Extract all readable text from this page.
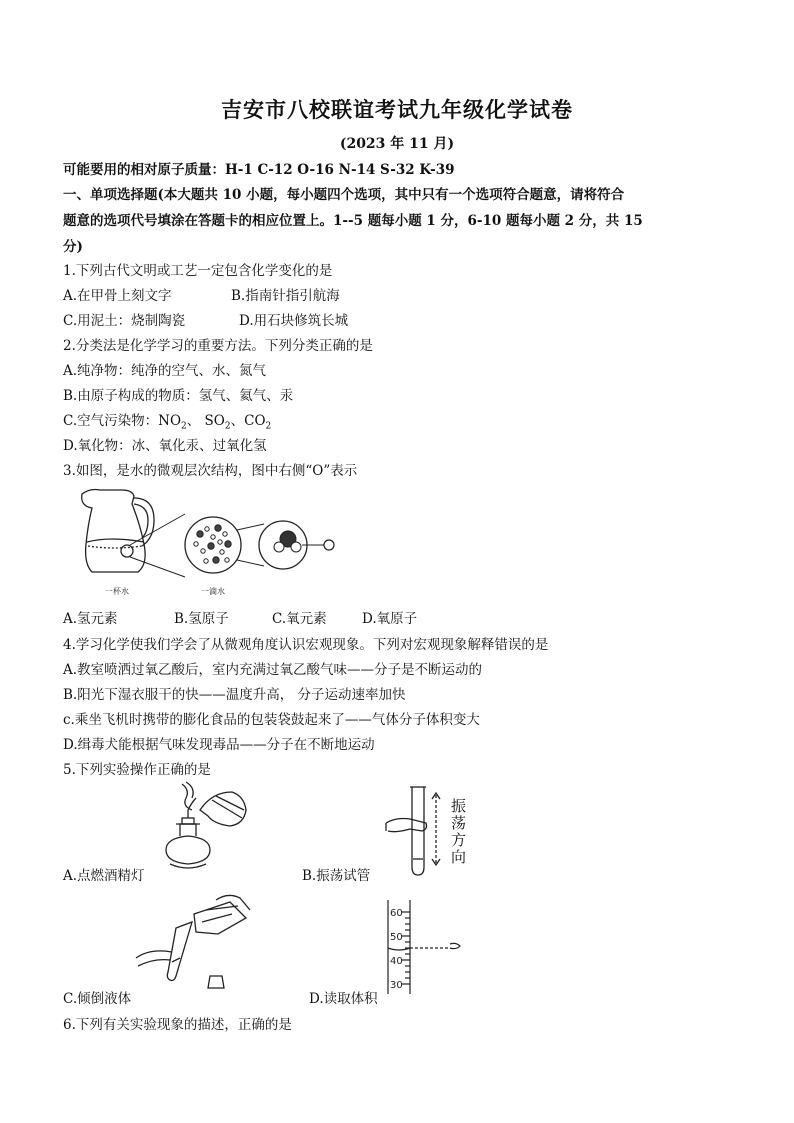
吉安市八校联谊考试九年级化学试卷
(2023 年 11 月)
可能要用的相对原子质量：H-1 C-12 O-16 N-14 S-32 K-39
一、单项选择题(本大题共 10 小题，每小题四个选项，其中只有一个选项符合题意，请将符合
题意的选项代号填涂在答题卡的相应位置上。1--5 题每小题 1 分，6-10 题每小题 2 分，共 15
分)
1.下列古代文明或工艺一定包含化学变化的是
A.在甲骨上刻文字	B.指南针指引航海
C.用泥土：烧制陶瓷	D.用石块修筑长城
2.分类法是化学学习的重要方法。下列分类正确的是
A.纯净物：纯净的空气、水、氮气
B.由原子构成的物质：氢气、氦气、汞
C.空气污染物：$NO_2$、 $SO_2$、$CO_2$
D.氧化物：冰、氧化汞、过氧化氢
3.如图，是水的微观层次结构，图中右侧“O”表示
一杯水	一滴水
A.氢元素	B.氢原子	C.氧元素	D.氧原子
4.学习化学使我们学会了从微观角度认识宏观现象。下列对宏观现象解释错误的是
A.教室喷洒过氧乙酸后，室内充满过氧乙酸气味——分子是不断运动的
B.阳光下湿衣服干的快——温度升高， 分子运动速率加快
c.乘坐飞机时携带的膨化食品的包装袋鼓起来了——气体分子体积变大
D.缉毒犬能根据气味发现毒品——分子在不断地运动
5.下列实验操作正确的是
A.点燃酒精灯
振
荡
方
向
B.振荡试管
C.倾倒液体
60
50
40
30
D.读取体积
6.下列有关实验现象的描述，正确的是
